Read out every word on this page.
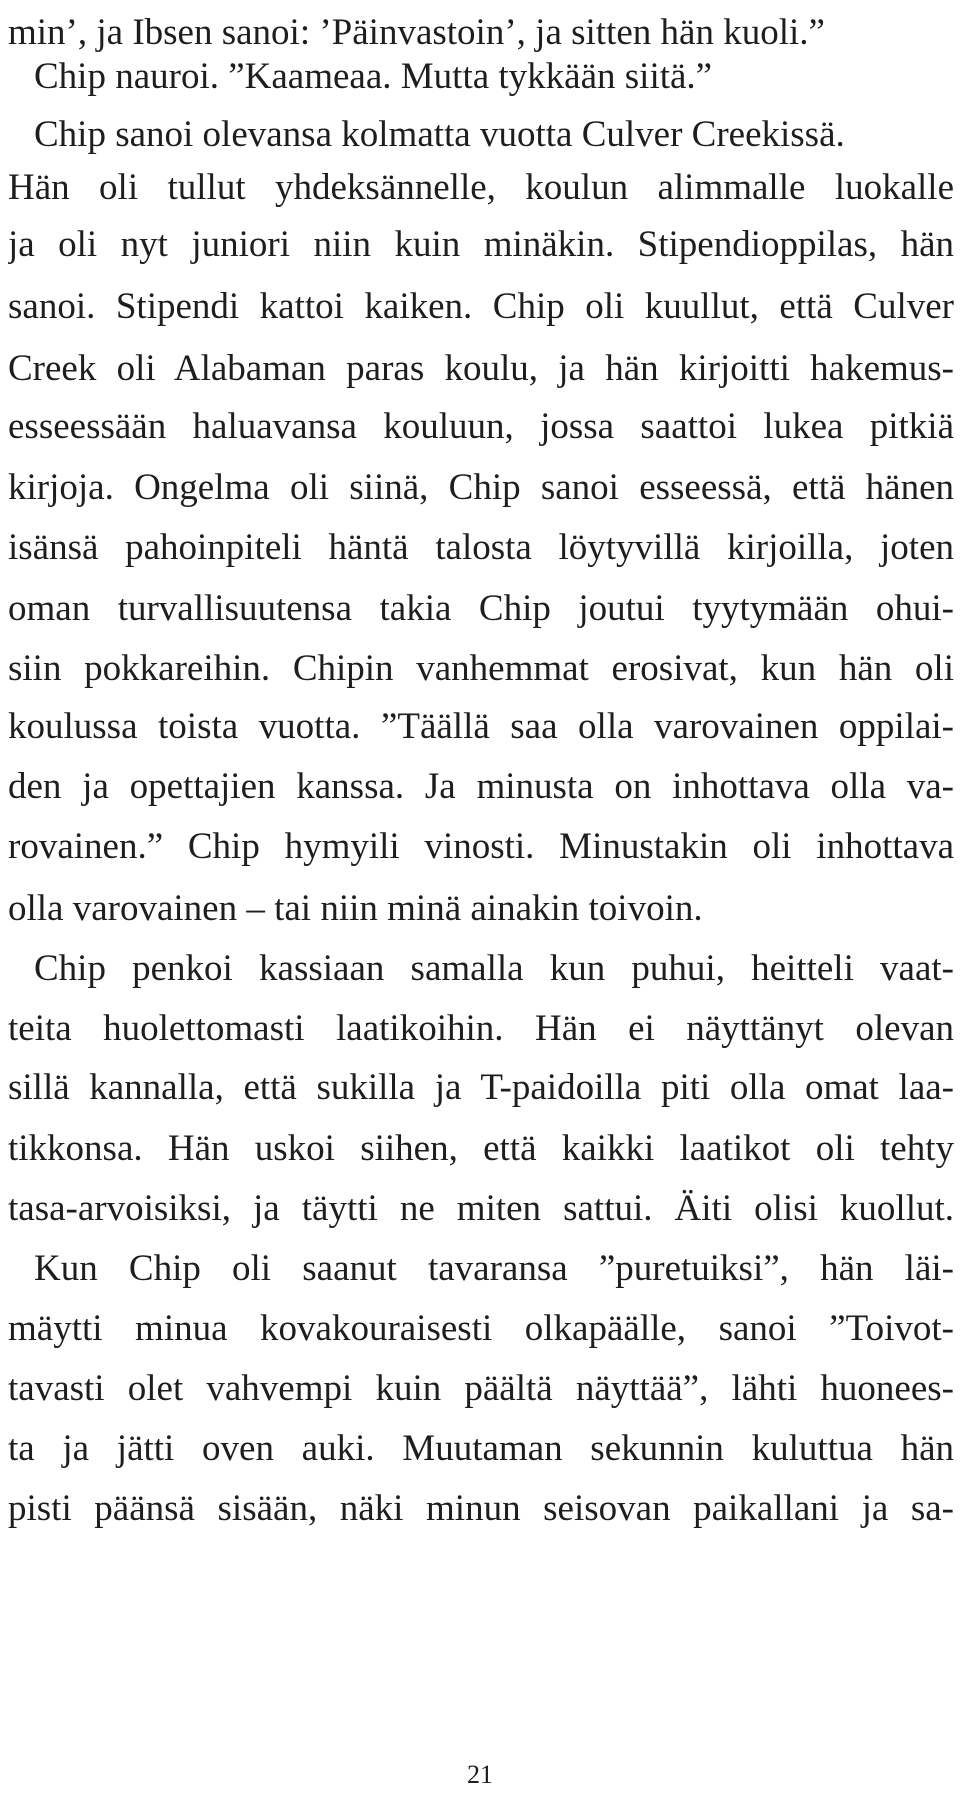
min’, ja Ibsen sanoi: ’Päinvastoin’, ja sitten hän kuoli.”
Chip nauroi. ”Kaameaa. Mutta tykkään siitä.”
Chip sanoi olevansa kolmatta vuotta Culver Creekissä.
Hän oli tullut yhdeksännelle, koulun alimmalle luokalle
ja oli nyt juniori niin kuin minäkin. Stipendioppilas, hän
sanoi. Stipendi kattoi kaiken. Chip oli kuullut, että Culver
Creek oli Alabaman paras koulu, ja hän kirjoitti hakemus-
esseessään haluavansa kouluun, jossa saattoi lukea pitkiä
kirjoja. Ongelma oli siinä, Chip sanoi esseessä, että hänen
isänsä pahoinpiteli häntä talosta löytyvillä kirjoilla, joten
oman turvallisuutensa takia Chip joutui tyytymään ohui-
siin pokkareihin. Chipin vanhemmat erosivat, kun hän oli
koulussa toista vuotta. ”Täällä saa olla varovainen oppilai-
den ja opettajien kanssa. Ja minusta on inhottava olla va-
rovainen.” Chip hymyili vinosti. Minustakin oli inhottava
olla varovainen – tai niin minä ainakin toivoin.
Chip penkoi kassiaan samalla kun puhui, heitteli vaat-
teita huolettomasti laatikoihin. Hän ei näyttänyt olevan
sillä kannalla, että sukilla ja T-paidoilla piti olla omat laa-
tikkonsa. Hän uskoi siihen, että kaikki laatikot oli tehty
tasa-arvoisiksi, ja täytti ne miten sattui. Äiti olisi kuollut.
Kun Chip oli saanut tavaransa ”puretuiksi”, hän läi-
mäytti minua kovakouraisesti olkapäälle, sanoi ”Toivot-
tavasti olet vahvempi kuin päältä näyttää”, lähti huonees-
ta ja jätti oven auki. Muutaman sekunnin kuluttua hän
pisti päänsä sisään, näki minun seisovan paikallani ja sa-
21
